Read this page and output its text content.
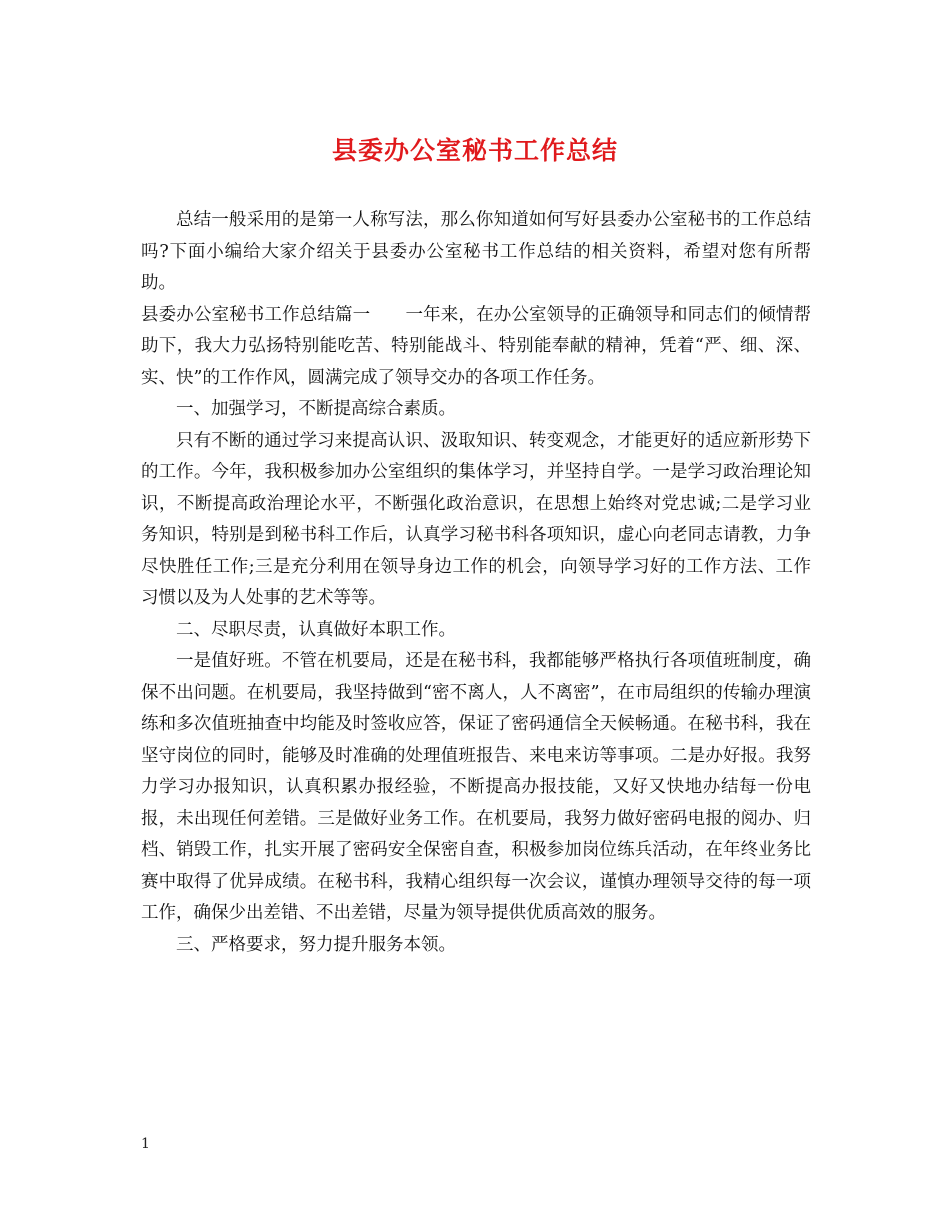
县委办公室秘书工作总结

总结一般采用的是第一人称写法，那么你知道如何写好县委办公室秘书的工作总结吗?下面小编给大家介绍关于县委办公室秘书工作总结的相关资料，希望对您有所帮助。

县委办公室秘书工作总结篇一　　一年来，在办公室领导的正确领导和同志们的倾情帮助下，我大力弘扬特别能吃苦、特别能战斗、特别能奉献的精神，凭着“严、细、深、实、快”的工作作风，圆满完成了领导交办的各项工作任务。

一、加强学习，不断提高综合素质。

只有不断的通过学习来提高认识、汲取知识、转变观念，才能更好的适应新形势下的工作。今年，我积极参加办公室组织的集体学习，并坚持自学。一是学习政治理论知识，不断提高政治理论水平，不断强化政治意识，在思想上始终对党忠诚;二是学习业务知识，特别是到秘书科工作后，认真学习秘书科各项知识，虚心向老同志请教，力争尽快胜任工作;三是充分利用在领导身边工作的机会，向领导学习好的工作方法、工作习惯以及为人处事的艺术等等。

二、尽职尽责，认真做好本职工作。

一是值好班。不管在机要局，还是在秘书科，我都能够严格执行各项值班制度，确保不出问题。在机要局，我坚持做到“密不离人，人不离密”，在市局组织的传输办理演练和多次值班抽查中均能及时签收应答，保证了密码通信全天候畅通。在秘书科，我在坚守岗位的同时，能够及时准确的处理值班报告、来电来访等事项。二是办好报。我努力学习办报知识，认真积累办报经验，不断提高办报技能，又好又快地办结每一份电报，未出现任何差错。三是做好业务工作。在机要局，我努力做好密码电报的阅办、归档、销毁工作，扎实开展了密码安全保密自查，积极参加岗位练兵活动，在年终业务比赛中取得了优异成绩。在秘书科，我精心组织每一次会议，谨慎办理领导交待的每一项工作，确保少出差错、不出差错，尽量为领导提供优质高效的服务。

三、严格要求，努力提升服务本领。

1
